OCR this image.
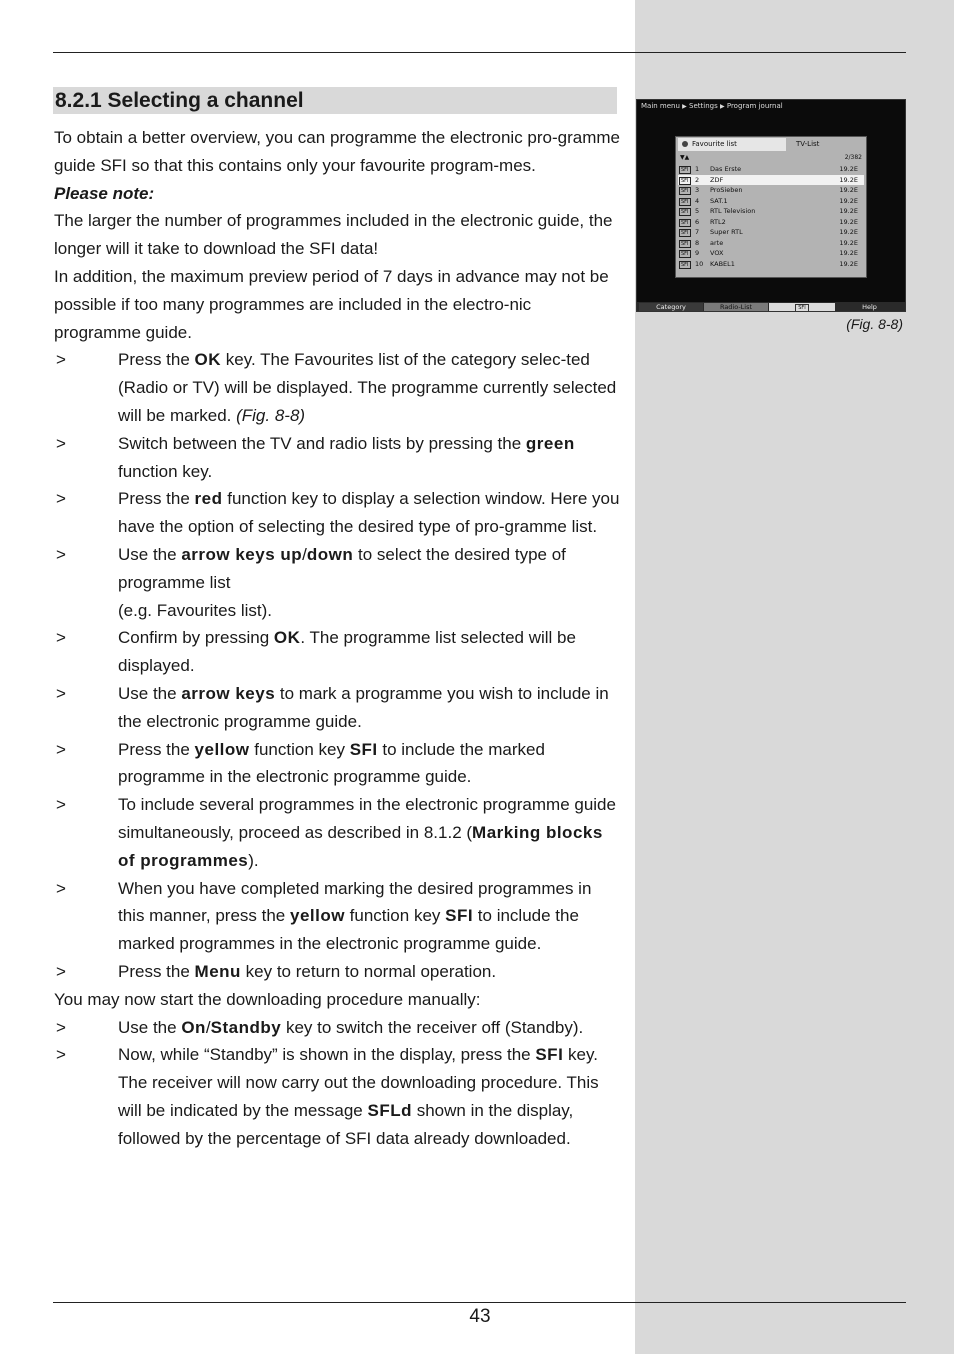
8.2.1 Selecting a channel

To obtain a better overview, you can programme the electronic pro-gramme guide SFI so that this contains only your favourite program-mes.

Please note:

The larger the number of programmes included in the electronic guide, the longer will it take to download the SFI data!

In addition, the maximum preview period of 7 days in advance may not be possible if too many programmes are included in the electro-nic programme guide.

>	Press the OK key. The Favourites list of the category selec-ted (Radio or TV) will be displayed. The programme currently selected will be marked. (Fig. 8-8)
>	Switch between the TV and radio lists by pressing the green function key.
>	Press the red function key to display a selection window. Here you have the option of selecting the desired type of pro-gramme list.
>	Use the arrow keys up/down to select the desired type of programme list
(e.g. Favourites list).
>	Confirm by pressing OK. The programme list selected will be displayed.
>	Use the arrow keys to mark a programme you wish to include in the electronic programme guide.
>	Press the yellow function key SFI to include the marked programme in the electronic programme guide.
>	To include several programmes in the electronic programme guide simultaneously, proceed as described in 8.1.2 (Marking blocks of programmes).
>	When you have completed marking the desired programmes in this manner, press the yellow function key SFI to include the marked programmes in the electronic programme guide.
>	Press the Menu key to return to normal operation.

You may now start the downloading procedure manually:

>	Use the On/Standby key to switch the receiver off (Standby).
>	Now, while “Standby” is shown in the display, press the SFI key.
The receiver will now carry out the downloading procedure. This will be indicated by the message SFLd shown in the display, followed by the percentage of SFI data already downloaded.
Main menu ▶ Settings ▶ Program journal
Favourite list	TV-List
▼▲	2/382
SFI 1 Das Erste	19.2E
SFI 2 ZDF	19.2E
SFI 3 ProSieben	19.2E
SFI 4 SAT.1	19.2E
SFI 5 RTL Television	19.2E
SFI 6 RTL2	19.2E
SFI 7 Super RTL	19.2E
SFI 8 arte	19.2E
SFI 9 VOX	19.2E
SFI 10 KABEL1	19.2E
Category	Radio-List	SFI	Help
(Fig. 8-8)
43
